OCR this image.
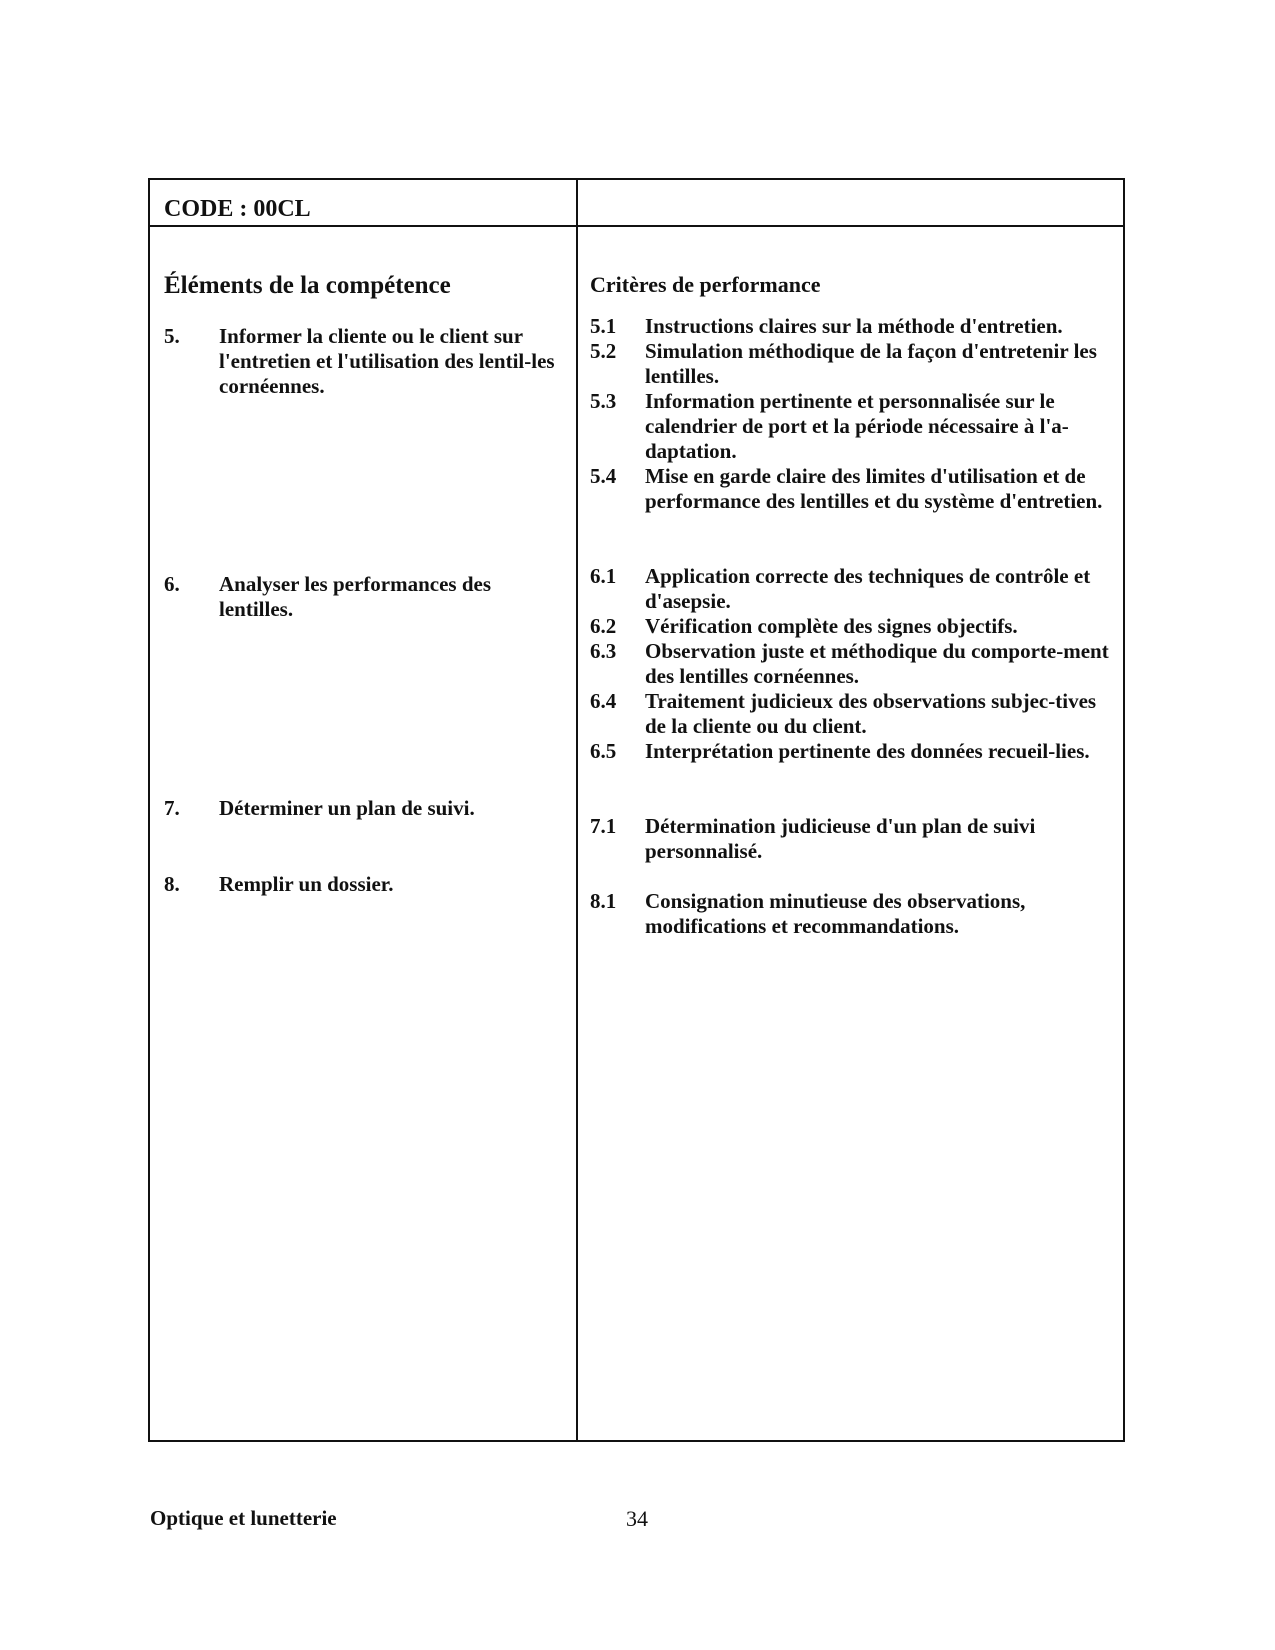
CODE : 00CL
Éléments de la compétence	Critères de performance
5. Informer la cliente ou le client sur l'entretien et l'utilisation des lentil-les cornéennes.
6. Analyser les performances des lentilles.
7. Déterminer un plan de suivi.
8. Remplir un dossier.
5.1 Instructions claires sur la méthode d'entretien.
5.2 Simulation méthodique de la façon d'entretenir les lentilles.
5.3 Information pertinente et personnalisée sur le calendrier de port et la période nécessaire à l'a-daptation.
5.4 Mise en garde claire des limites d'utilisation et de performance des lentilles et du système d'entretien.
6.1 Application correcte des techniques de contrôle et d'asepsie.
6.2 Vérification complète des signes objectifs.
6.3 Observation juste et méthodique du comporte-ment des lentilles cornéennes.
6.4 Traitement judicieux des observations subjec-tives de la cliente ou du client.
6.5 Interprétation pertinente des données recueil-lies.
7.1 Détermination judicieuse d'un plan de suivi personnalisé.
8.1 Consignation minutieuse des observations, modifications et recommandations.
Optique et lunetterie	34
